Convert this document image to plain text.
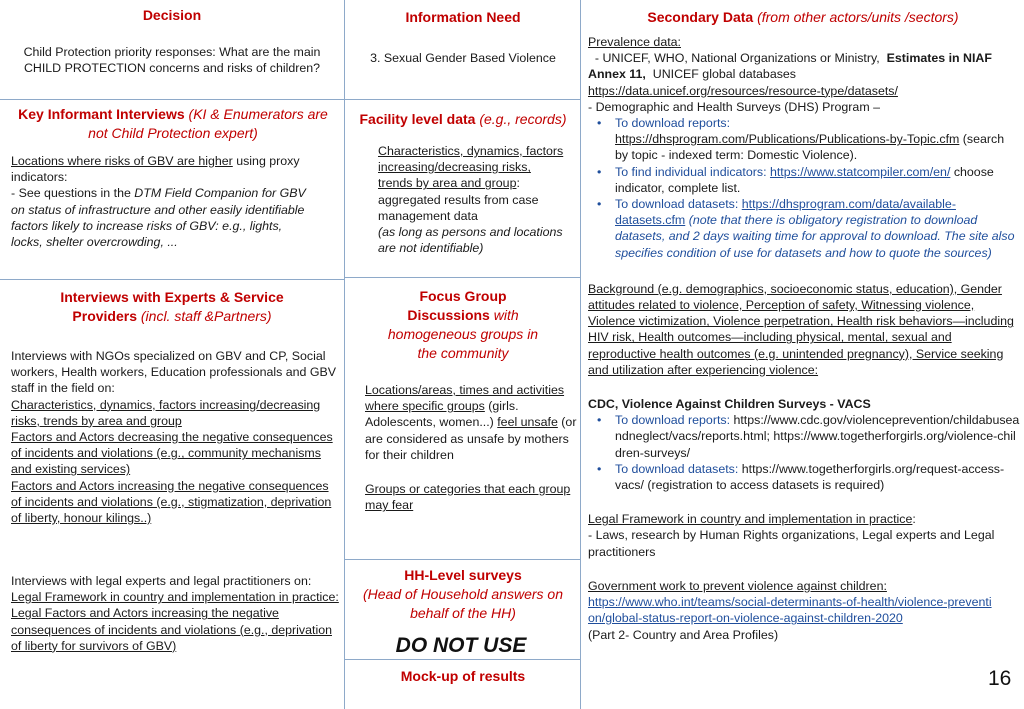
Decision
Child Protection priority responses: What are the main CHILD PROTECTION concerns and risks of children?
Key Informant Interviews (KI & Enumerators are not Child Protection expert)

Locations where risks of GBV are higher using proxy indicators:

- See questions in the DTM Field Companion for GBV on status of infrastructure and other easily identifiable factors likely to increase risks of GBV: e.g., lights, locks, shelter overcrowding, ...

Interviews with Experts & Service Providers (incl. staff &Partners)

Interviews with NGOs specialized on GBV and CP, Social workers, Health workers, Education professionals and GBV staff in the field on:

Characteristics, dynamics, factors increasing/decreasing risks, trends by area and group

Factors and Actors decreasing the negative consequences of incidents and violations (e.g., community mechanisms and existing services)

Factors and Actors increasing the negative consequences of incidents and violations (e.g., stigmatization, deprivation of liberty, honour kilings..)

Interviews with legal experts and legal practitioners on:

Legal Framework in country and implementation in practice:

Legal Factors and Actors increasing the negative consequences of incidents and violations (e.g., deprivation of liberty for survivors of GBV)

Information Need
3. Sexual Gender Based Violence
Facility level data (e.g., records)

Characteristics, dynamics, factors increasing/decreasing risks, trends by area and group: aggregated results from case management data

(as long as persons and locations are not identifiable)

Focus Group Discussions with homogeneous groups in the community

Locations/areas, times and activities where specific groups (girls. Adolescents, women...) feel unsafe (or are considered as unsafe by mothers for their children

Groups or categories that each group may fear

HH-Level surveys
(Head of Household answers on behalf of the HH)
DO NOT USE
Mock-up of results
Secondary Data (from other actors/units /sectors)

Prevalence data:

- UNICEF, WHO, National Organizations or Ministry,  Estimates in NIAF Annex 11,  UNICEF global databases

https://data.unicef.org/resources/resource-type/datasets/

- Demographic and Health Surveys (DHS) Program –

• To download reports:
https://dhsprogram.com/Publications/Publications-by-Topic.cfm (search by topic - indexed term: Domestic Violence).
• To find individual indicators: https://www.statcompiler.com/en/ choose indicator, complete list.
• To download datasets: https://dhsprogram.com/data/available-datasets.cfm (note that there is obligatory registration to download datasets, and 2 days waiting time for approval to download. The site also specifies condition of use for datasets and how to quote the sources)

Background (e.g. demographics, socioeconomic status, education), Gender attitudes related to violence, Perception of safety, Witnessing violence, Violence victimization, Violence perpetration, Health risk behaviors—including HIV risk, Health outcomes—including physical, mental, sexual and reproductive health outcomes (e.g. unintended pregnancy), Service seeking and utilization after experiencing violence:

CDC, Violence Against Children Surveys - VACS

• To download reports: https://www.cdc.gov/violenceprevention/childabuseandneglect/vacs/reports.html; https://www.togetherforgirls.org/violence-children-surveys/
• To download datasets: https://www.togetherforgirls.org/request-access-vacs/ (registration to access datasets is required)

Legal Framework in country and implementation in practice:
- Laws, research by Human Rights organizations, Legal experts and Legal practitioners

Government work to prevent violence against children:

https://www.who.int/teams/social-determinants-of-health/violence-prevention/global-status-report-on-violence-against-children-2020

(Part 2- Country and Area Profiles)

16
